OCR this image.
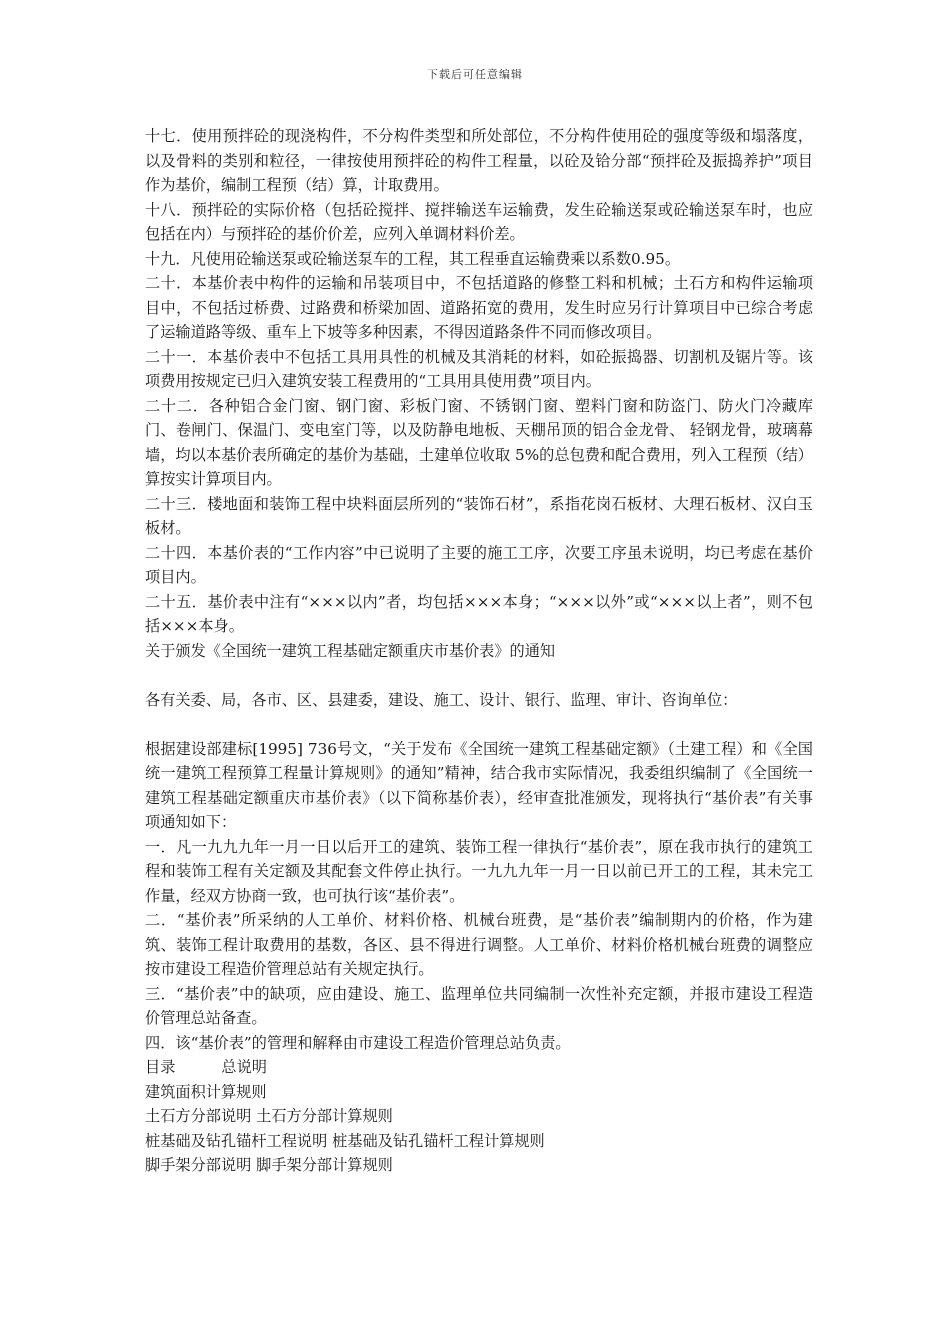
下载后可任意编辑

十七．使用预拌砼的现浇构件，不分构件类型和所处部位，不分构件使用砼的强度等级和塌落度，以及骨料的类别和粒径，一律按使用预拌砼的构件工程量，以砼及铪分部“预拌砼及振捣养护”项目作为基价，编制工程预（结）算，计取费用。

十八．预拌砼的实际价格（包括砼搅拌、搅拌输送车运输费，发生砼输送泵或砼输送泵车时，也应包括在内）与预拌砼的基价价差，应列入单调材料价差。

十九．凡使用砼输送泵或砼输送泵车的工程，其工程垂直运输费乘以系数0.95。

二十．本基价表中构件的运输和吊装项目中，不包括道路的修整工料和机械；土石方和构件运输项目中，不包括过桥费、过路费和桥梁加固、道路拓宽的费用，发生时应另行计算项目中已综合考虑了运输道路等级、重车上下坡等多种因素，不得因道路条件不同而修改项目。

二十一．本基价表中不包括工具用具性的机械及其消耗的材料，如砼振捣器、切割机及锯片等。该项费用按规定已归入建筑安装工程费用的“工具用具使用费”项目内。

二十二．各种铝合金门窗、钢门窗、彩板门窗、不锈钢门窗、塑料门窗和防盗门、防火门冷藏库门、卷闸门、保温门、变电室门等，以及防静电地板、天棚吊顶的铝合金龙骨、 轻钢龙骨，玻璃幕墙，均以本基价表所确定的基价为基础，土建单位收取 5%的总包费和配合费用，列入工程预（结）算按实计算项目内。

二十三．楼地面和装饰工程中块料面层所列的“装饰石材”，系指花岗石板材、大理石板材、汉白玉板材。

二十四．本基价表的“工作内容”中已说明了主要的施工工序，次要工序虽未说明，均已考虑在基价项目内。

二十五．基价表中注有“×××以内”者，均包括×××本身；“×××以外”或“×××以上者”，则不包括×××本身。

关于颁发《全国统一建筑工程基础定额重庆市基价表》的通知

各有关委、局，各市、区、县建委，建设、施工、设计、银行、监理、审计、咨询单位：

根据建设部建标[1995] 736号文，“关于发布《全国统一建筑工程基础定额》（土建工程）和《全国统一建筑工程预算工程量计算规则》的通知”精神，结合我市实际情况，我委组织编制了《全国统一建筑工程基础定额重庆市基价表》（以下简称基价表），经审查批准颁发，现将执行“基价表”有关事项通知如下：

一．凡一九九九年一月一日以后开工的建筑、装饰工程一律执行“基价表”，原在我市执行的建筑工程和装饰工程有关定额及其配套文件停止执行。一九九九年一月一日以前已开工的工程，其未完工作量，经双方协商一致，也可执行该“基价表”。

二．“基价表”所采纳的人工单价、材料价格、机械台班费，是“基价表”编制期内的价格，作为建筑、装饰工程计取费用的基数，各区、县不得进行调整。人工单价、材料价格机械台班费的调整应按市建设工程造价管理总站有关规定执行。

三．“基价表”中的缺项，应由建设、施工、监理单位共同编制一次性补充定额，并报市建设工程造价管理总站备查。

四．该“基价表”的管理和解释由市建设工程造价管理总站负责。

目录	总说明

建筑面积计算规则

土石方分部说明 土石方分部计算规则

桩基础及钻孔锚杆工程说明 桩基础及钻孔锚杆工程计算规则

脚手架分部说明 脚手架分部计算规则
